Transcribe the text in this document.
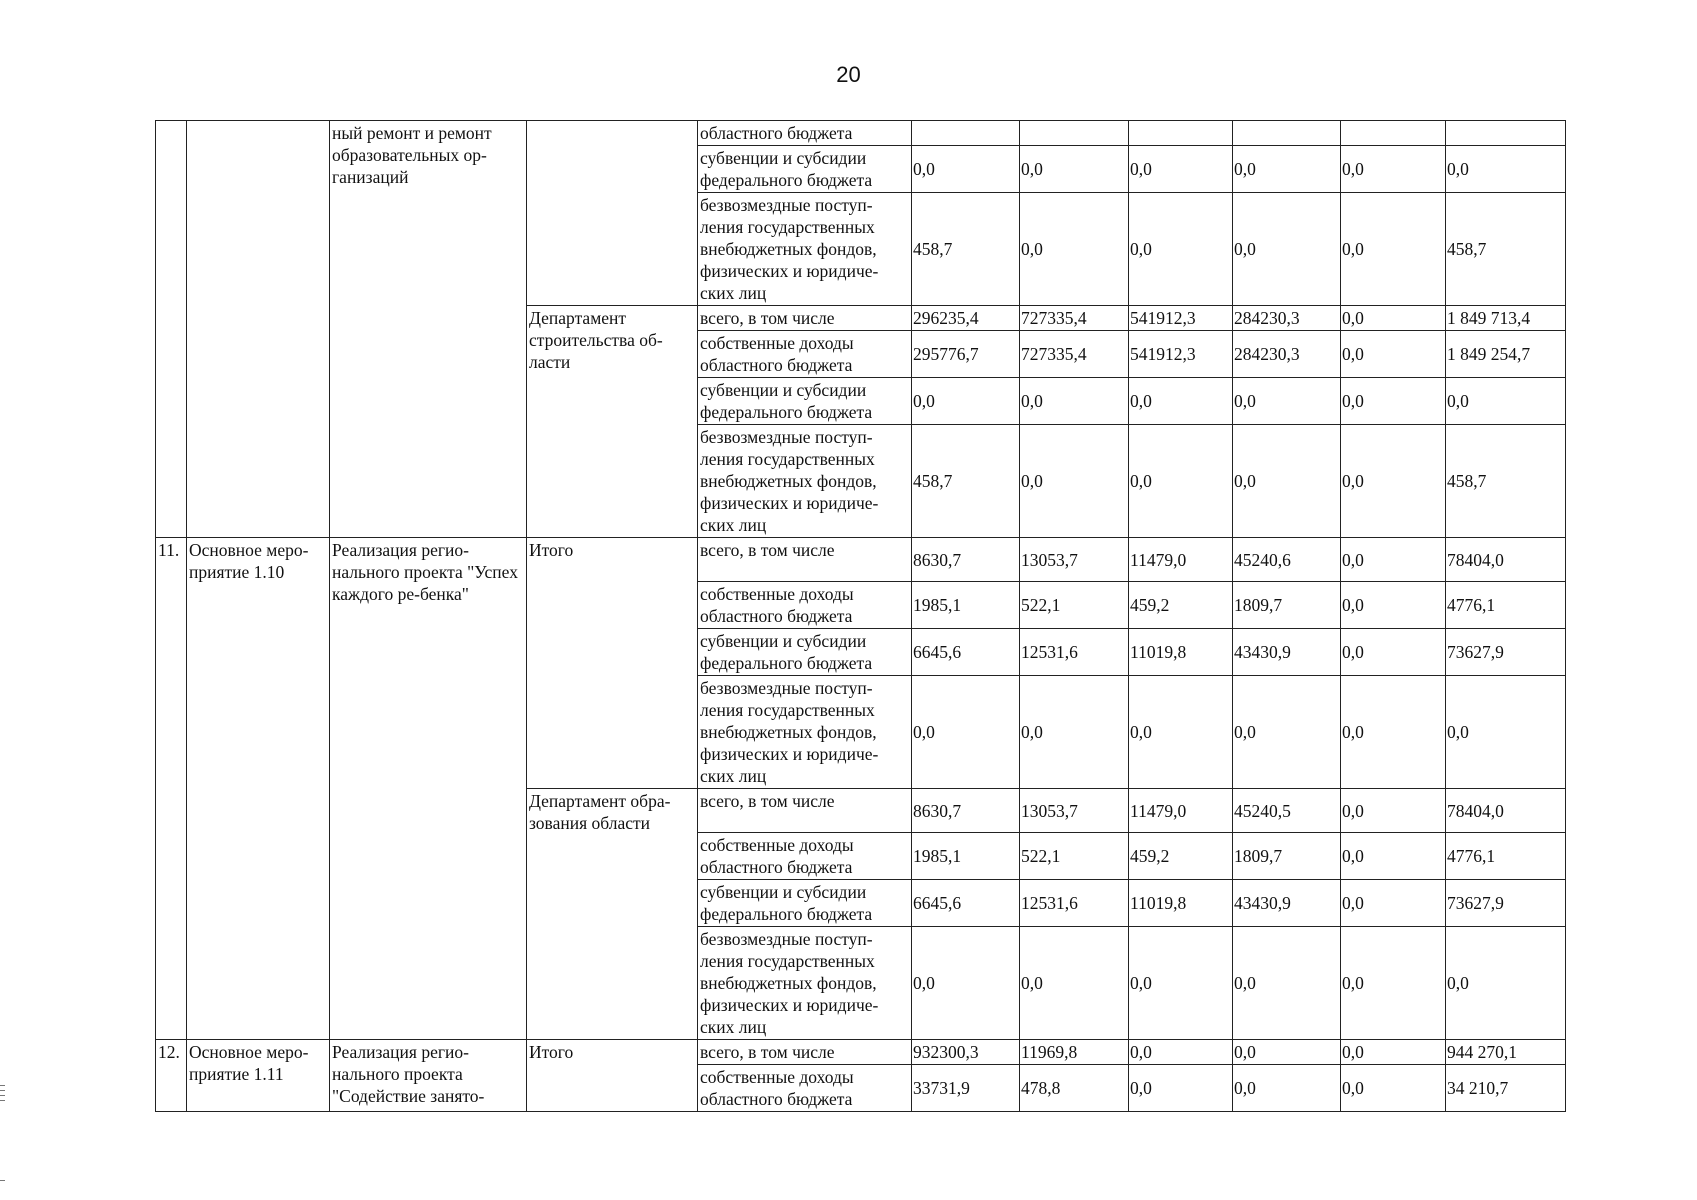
20
		ный ремонт и ремонт образовательных ор-ганизаций		областного бюджета						
				субвенции и субсидии федерального бюджета	0,0	0,0	0,0	0,0	0,0	0,0
				безвозмездные поступ-ления государственных внебюджетных фондов, физических и юридиче-ских лиц	458,7	0,0	0,0	0,0	0,0	458,7
			Департамент строительства об-ласти	всего, в том числе	296235,4	727335,4	541912,3	284230,3	0,0	1 849 713,4
				собственные доходы областного бюджета	295776,7	727335,4	541912,3	284230,3	0,0	1 849 254,7
				субвенции и субсидии федерального бюджета	0,0	0,0	0,0	0,0	0,0	0,0
				безвозмездные поступ-ления государственных внебюджетных фондов, физических и юридиче-ских лиц	458,7	0,0	0,0	0,0	0,0	458,7
11.	Основное меро-приятие 1.10	Реализация регио-нального проекта "Успех каждого ре-бенка"	Итого	всего, в том числе	8630,7	13053,7	11479,0	45240,6	0,0	78404,0
				собственные доходы областного бюджета	1985,1	522,1	459,2	1809,7	0,0	4776,1
				субвенции и субсидии федерального бюджета	6645,6	12531,6	11019,8	43430,9	0,0	73627,9
				безвозмездные поступ-ления государственных внебюджетных фондов, физических и юридиче-ских лиц	0,0	0,0	0,0	0,0	0,0	0,0
			Департамент обра-зования области	всего, в том числе	8630,7	13053,7	11479,0	45240,5	0,0	78404,0
				собственные доходы областного бюджета	1985,1	522,1	459,2	1809,7	0,0	4776,1
				субвенции и субсидии федерального бюджета	6645,6	12531,6	11019,8	43430,9	0,0	73627,9
				безвозмездные поступ-ления государственных внебюджетных фондов, физических и юридиче-ских лиц	0,0	0,0	0,0	0,0	0,0	0,0
12.	Основное меро-приятие 1.11	Реализация регио-нального проекта "Содействие занято-	Итого	всего, в том числе	932300,3	11969,8	0,0	0,0	0,0	944 270,1
				собственные доходы областного бюджета	33731,9	478,8	0,0	0,0	0,0	34 210,7
